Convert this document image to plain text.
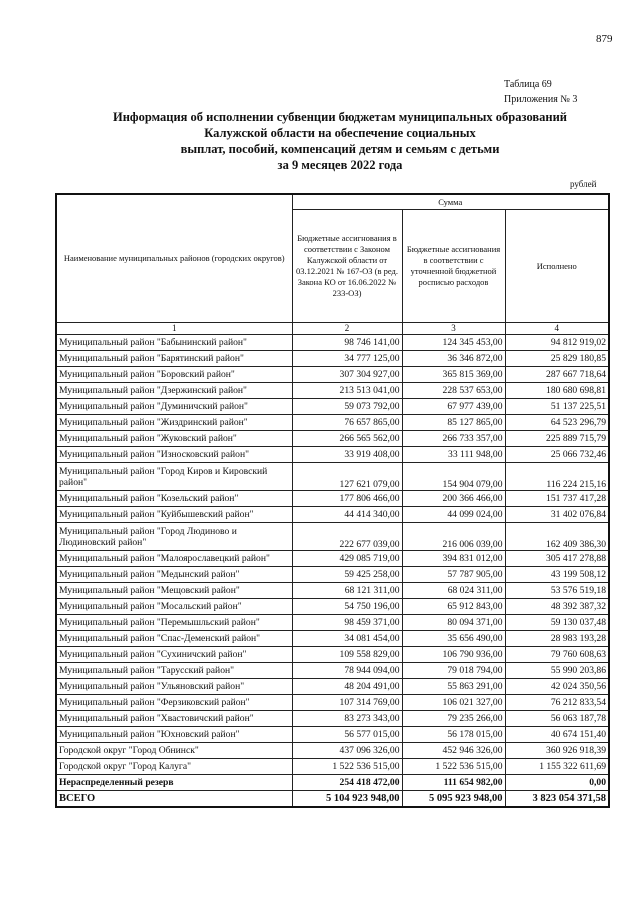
879
Таблица 69
Приложения № 3
Информация об исполнении субвенции бюджетам муниципальных образований
Калужской области на обеспечение социальных
выплат, пособий, компенсаций детям и семьям с детьми
за 9 месяцев 2022 года
рублей
Наименование муниципальных районов (городских округов)	Сумма		
	Бюджетные ассигнования в соответствии с Законом Калужской области от 03.12.2021 № 167-ОЗ (в ред. Закона КО от 16.06.2022 № 233-ОЗ)	Бюджетные ассигнования в соответствии с уточненной бюджетной росписью расходов	Исполнено
1	2	3	4
Муниципальный район "Бабынинский район"	98 746 141,00	124 345 453,00	94 812 919,02
Муниципальный район "Барятинский район"	34 777 125,00	36 346 872,00	25 829 180,85
Муниципальный район "Боровский район"	307 304 927,00	365 815 369,00	287 667 718,64
Муниципальный район "Дзержинский район"	213 513 041,00	228 537 653,00	180 680 698,81
Муниципальный район "Думиничский район"	59 073 792,00	67 977 439,00	51 137 225,51
Муниципальный район "Жиздринский район"	76 657 865,00	85 127 865,00	64 523 296,79
Муниципальный район "Жуковский район"	266 565 562,00	266 733 357,00	225 889 715,79
Муниципальный район "Износковский район"	33 919 408,00	33 111 948,00	25 066 732,46
Муниципальный район "Город Киров и Кировский район"	127 621 079,00	154 904 079,00	116 224 215,16
Муниципальный район "Козельский район"	177 806 466,00	200 366 466,00	151 737 417,28
Муниципальный район "Куйбышевский район"	44 414 340,00	44 099 024,00	31 402 076,84
Муниципальный район "Город Людиново и Людиновский район"	222 677 039,00	216 006 039,00	162 409 386,30
Муниципальный район "Малоярославецкий район"	429 085 719,00	394 831 012,00	305 417 278,88
Муниципальный район "Медынский район"	59 425 258,00	57 787 905,00	43 199 508,12
Муниципальный район "Мещовский район"	68 121 311,00	68 024 311,00	53 576 519,18
Муниципальный район "Мосальский район"	54 750 196,00	65 912 843,00	48 392 387,32
Муниципальный район "Перемышльский район"	98 459 371,00	80 094 371,00	59 130 037,48
Муниципальный район "Спас-Деменский район"	34 081 454,00	35 656 490,00	28 983 193,28
Муниципальный район "Сухиничский район"	109 558 829,00	106 790 936,00	79 760 608,63
Муниципальный район "Тарусский район"	78 944 094,00	79 018 794,00	55 990 203,86
Муниципальный район "Ульяновский район"	48 204 491,00	55 863 291,00	42 024 350,56
Муниципальный район "Ферзиковский район"	107 314 769,00	106 021 327,00	76 212 833,54
Муниципальный район "Хвастовичский район"	83 273 343,00	79 235 266,00	56 063 187,78
Муниципальный район "Юхновский район"	56 577 015,00	56 178 015,00	40 674 151,40
Городской округ "Город Обнинск"	437 096 326,00	452 946 326,00	360 926 918,39
Городской округ "Город Калуга"	1 522 536 515,00	1 522 536 515,00	1 155 322 611,69
Нераспределенный резерв	254 418 472,00	111 654 982,00	0,00
ВСЕГО	5 104 923 948,00	5 095 923 948,00	3 823 054 371,58
